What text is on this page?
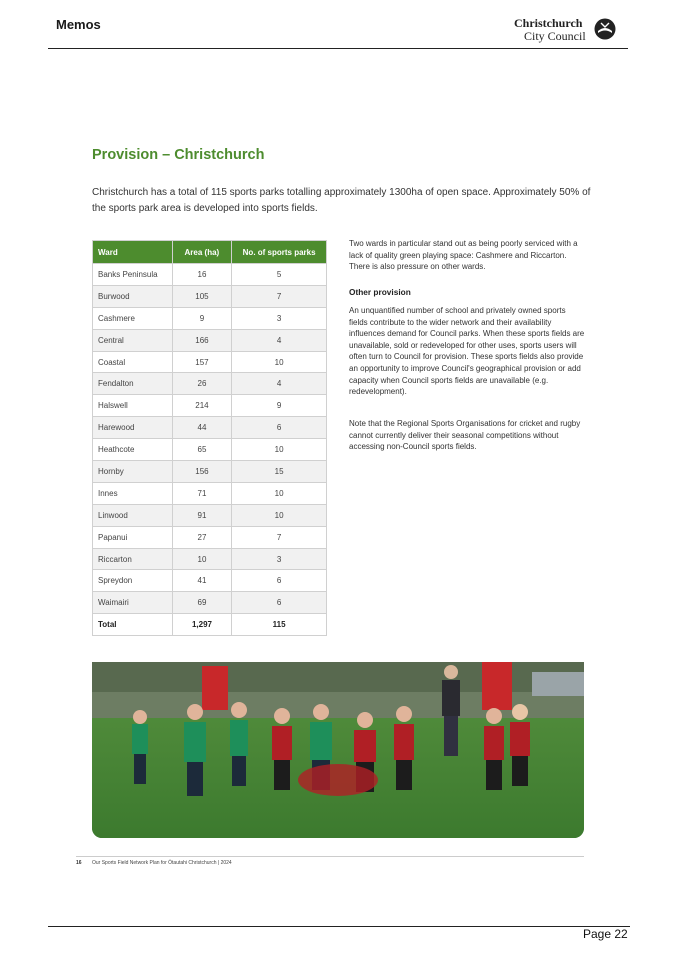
Memos	Christchurch
City Council
Provision – Christchurch
Christchurch has a total of 115 sports parks totalling approximately 1300ha of open space. Approximately 50% of the sports park area is developed into sports fields.
Ward	Area (ha)	No. of sports parks
Banks Peninsula	16	5
Burwood	105	7
Cashmere	9	3
Central	166	4
Coastal	157	10
Fendalton	26	4
Halswell	214	9
Harewood	44	6
Heathcote	65	10
Hornby	156	15
Innes	71	10
Linwood	91	10
Papanui	27	7
Riccarton	10	3
Spreydon	41	6
Waimairi	69	6
Total	1,297	115
Two wards in particular stand out as being poorly serviced with a lack of quality green playing space: Cashmere and Riccarton. There is also pressure on other wards.
Other provision
An unquantified number of school and privately owned sports fields contribute to the wider network and their availability influences demand for Council parks. When these sports fields are unavailable, sold or redeveloped for other uses, sports users will often turn to Council for provision. These sports fields also provide an opportunity to improve Council's geographical provision or add capacity when Council sports fields are unavailable (e.g. redevelopment).
Note that the Regional Sports Organisations for cricket and rugby cannot currently deliver their seasonal competitions without accessing non-Council sports fields.
16 Our Sports Field Network Plan for Ōtautahi Christchurch | 2024
Page 22
